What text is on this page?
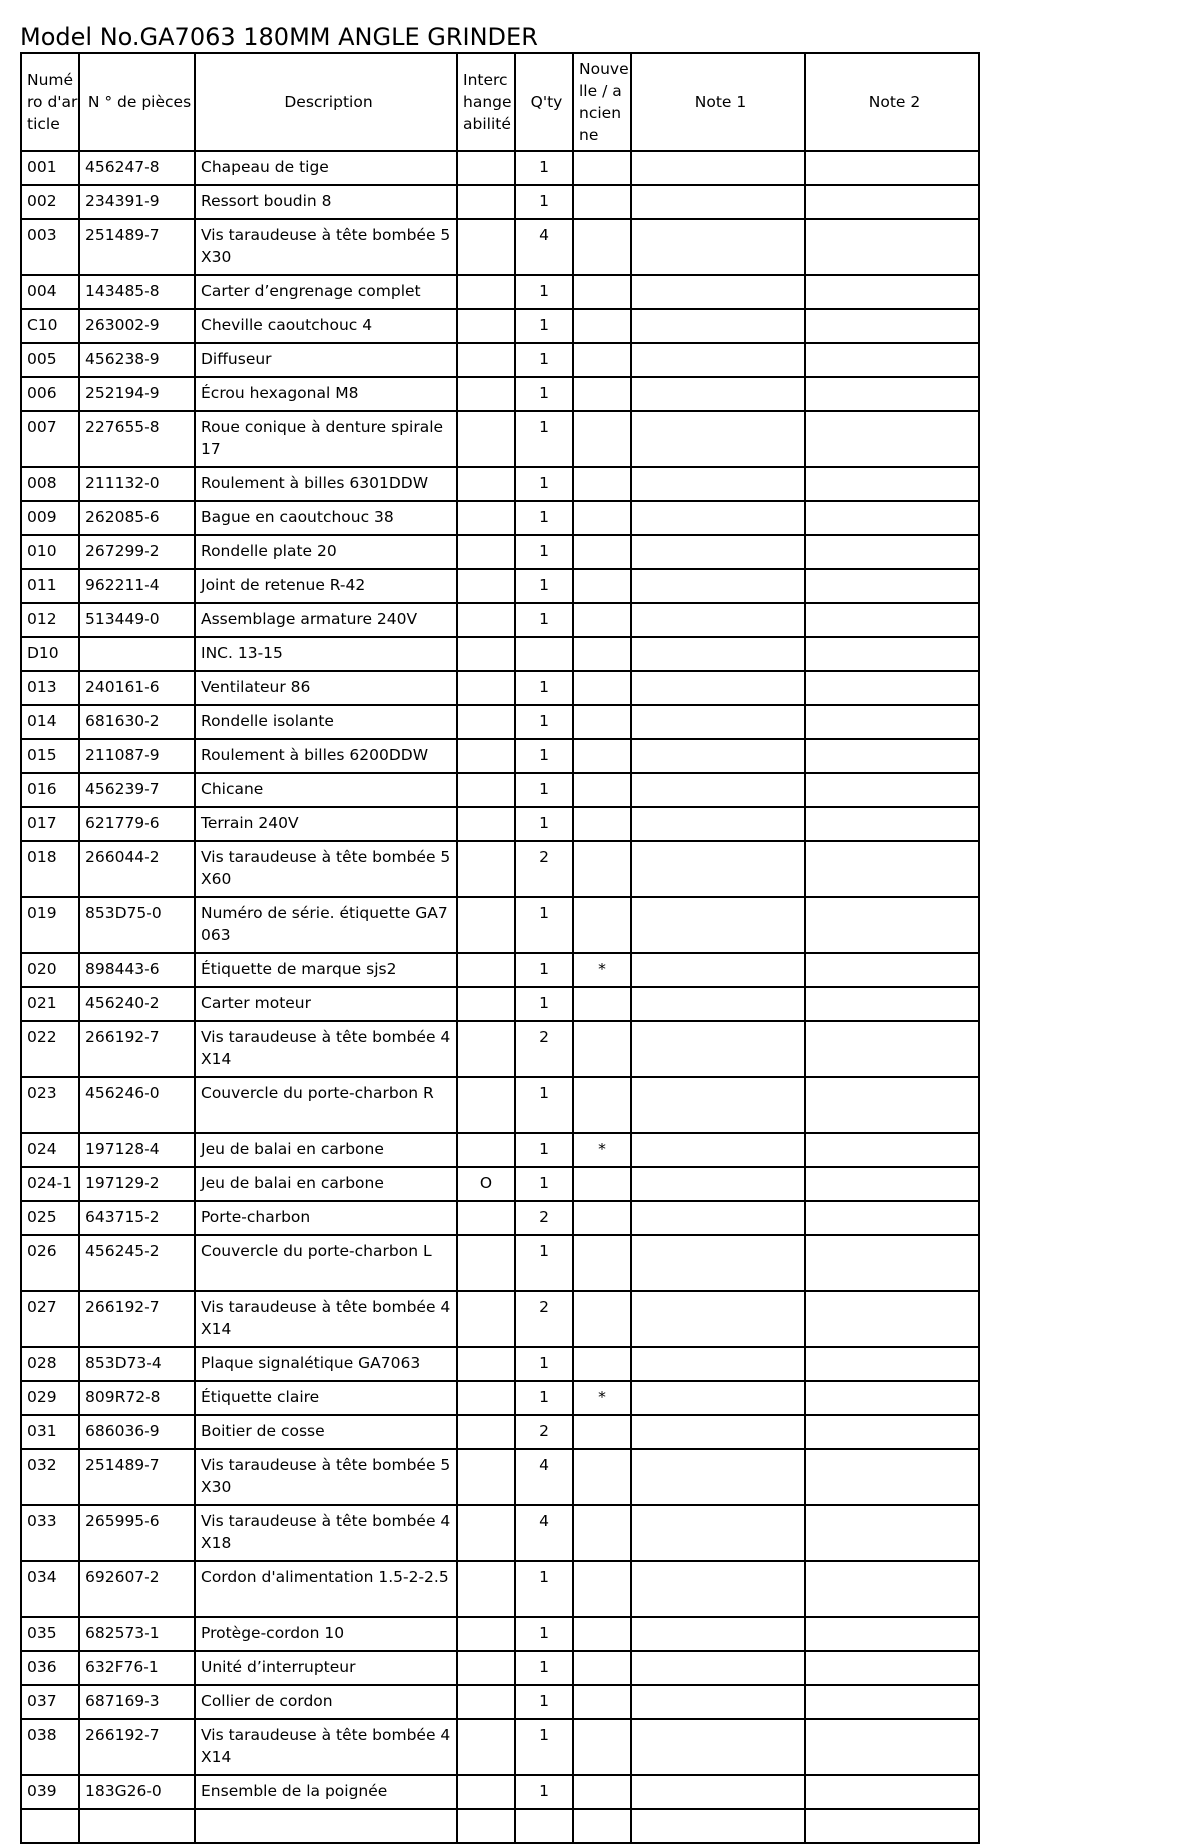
Model No.GA7063 180MM ANGLE GRINDER
Numéro d'article	N ° de pièces	Description	Interchangeabilité	Q'ty	Nouvelle / ancienne	Note 1	Note 2
001	456247-8	Chapeau de tige		1			
002	234391-9	Ressort boudin 8		1			
003	251489-7	Vis taraudeuse à tête bombée 5X30		4			
004	143485-8	Carter d’engrenage complet		1			
C10	263002-9	Cheville caoutchouc 4		1			
005	456238-9	Diffuseur		1			
006	252194-9	Écrou hexagonal M8		1			
007	227655-8	Roue conique à denture spirale 17		1			
008	211132-0	Roulement à billes 6301DDW		1			
009	262085-6	Bague en caoutchouc 38		1			
010	267299-2	Rondelle plate 20		1			
011	962211-4	Joint de retenue R-42		1			
012	513449-0	Assemblage armature 240V		1			
D10		INC. 13-15					
013	240161-6	Ventilateur 86		1			
014	681630-2	Rondelle isolante		1			
015	211087-9	Roulement à billes 6200DDW		1			
016	456239-7	Chicane		1			
017	621779-6	Terrain 240V		1			
018	266044-2	Vis taraudeuse à tête bombée 5X60		2			
019	853D75-0	Numéro de série. étiquette GA7063		1			
020	898443-6	Étiquette de marque sjs2		1	*		
021	456240-2	Carter moteur		1			
022	266192-7	Vis taraudeuse à tête bombée 4X14		2			
023	456246-0	Couvercle du porte-charbon R		1			
024	197128-4	Jeu de balai en carbone		1	*		
024-1	197129-2	Jeu de balai en carbone	O	1			
025	643715-2	Porte-charbon		2			
026	456245-2	Couvercle du porte-charbon L		1			
027	266192-7	Vis taraudeuse à tête bombée 4X14		2			
028	853D73-4	Plaque signalétique GA7063		1			
029	809R72-8	Étiquette claire		1	*		
031	686036-9	Boitier de cosse		2			
032	251489-7	Vis taraudeuse à tête bombée 5X30		4			
033	265995-6	Vis taraudeuse à tête bombée 4X18		4			
034	692607-2	Cordon d'alimentation 1.5-2-2.5		1			
035	682573-1	Protège-cordon 10		1			
036	632F76-1	Unité d’interrupteur		1			
037	687169-3	Collier de cordon		1			
038	266192-7	Vis taraudeuse à tête bombée 4X14		1			
039	183G26-0	Ensemble de la poignée		1			
